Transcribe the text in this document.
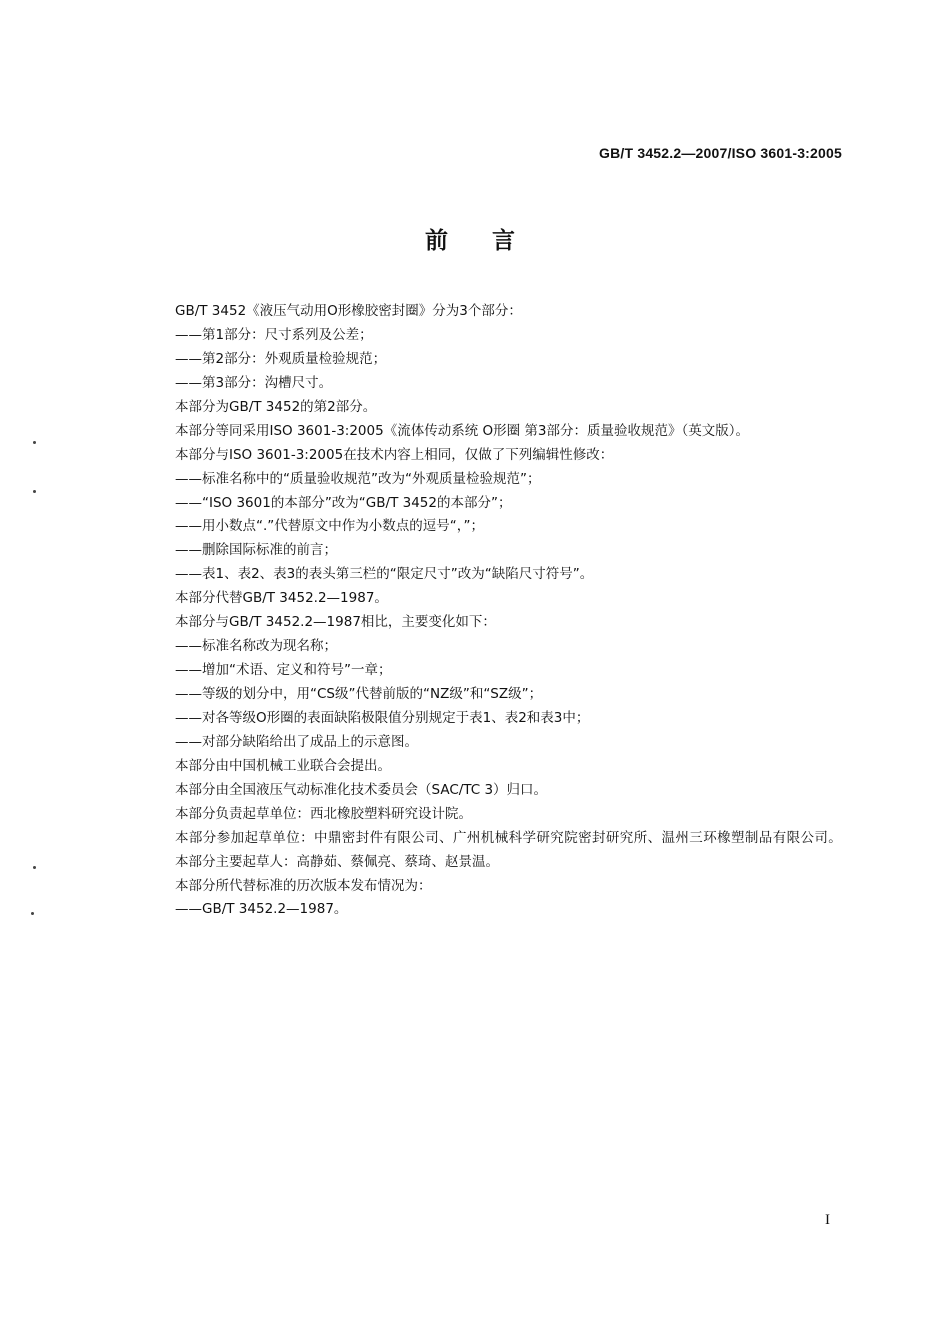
GB/T 3452.2—2007/ISO 3601-3:2005
前言
GB/T 3452《液压气动用O形橡胶密封圈》分为3个部分：
——第1部分：尺寸系列及公差；
——第2部分：外观质量检验规范；
——第3部分：沟槽尺寸。
本部分为GB/T 3452的第2部分。
本部分等同采用ISO 3601-3:2005《流体传动系统 O形圈 第3部分：质量验收规范》（英文版）。
本部分与ISO 3601-3:2005在技术内容上相同，仅做了下列编辑性修改：
——标准名称中的“质量验收规范”改为“外观质量检验规范”；
——“ISO 3601的本部分”改为“GB/T 3452的本部分”；
——用小数点“.”代替原文中作为小数点的逗号“，”；
——删除国际标准的前言；
——表1、表2、表3的表头第三栏的“限定尺寸”改为“缺陷尺寸符号”。
本部分代替GB/T 3452.2—1987。
本部分与GB/T 3452.2—1987相比，主要变化如下：
——标准名称改为现名称；
——增加“术语、定义和符号”一章；
——等级的划分中，用“CS级”代替前版的“NZ级”和“SZ级”；
——对各等级O形圈的表面缺陷极限值分别规定于表1、表2和表3中；
——对部分缺陷给出了成品上的示意图。
本部分由中国机械工业联合会提出。
本部分由全国液压气动标准化技术委员会（SAC/TC 3）归口。
本部分负责起草单位：西北橡胶塑料研究设计院。
本部分参加起草单位：中鼎密封件有限公司、广州机械科学研究院密封研究所、温州三环橡塑制品有限公司。
本部分主要起草人：高静茹、蔡佩亮、蔡琦、赵景温。
本部分所代替标准的历次版本发布情况为：
——GB/T 3452.2—1987。
I
